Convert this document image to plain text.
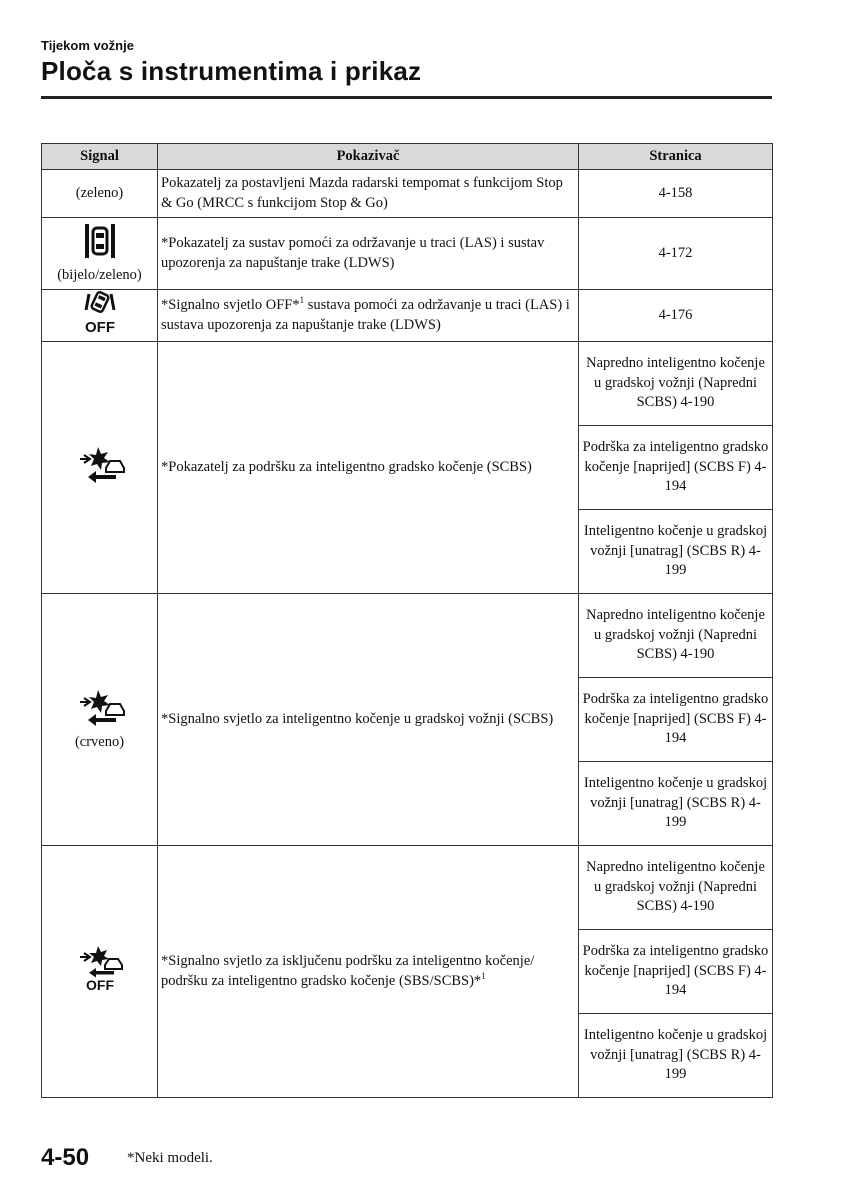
Tijekom vožnje
Ploča s instrumentima i prikaz
Signal	Pokazivač	Stranica

(zeleno)	Pokazatelj za postavljeni Mazda radarski tempomat s funkcijom Stop & Go (MRCC s funkcijom Stop & Go)	4-158

(bijelo/zeleno)	*Pokazatelj za sustav pomoći za održavanje u traci (LAS) i sustav upozorenja za napuštanje trake (LDWS)	4-172

OFF	*Signalno svjetlo OFF*$^1$ sustava pomoći za održavanje u traci (LAS) i sustava upozorenja za napuštanje trake (LDWS)	4-176
	*Pokazatelj za podršku za inteligentno gradsko kočenje (SCBS)	Napredno inteligentno kočenje u gradskoj vožnji (Napredni SCBS) 4-190
		Podrška za inteligentno gradsko kočenje [naprijed] (SCBS F) 4-194
		Inteligentno kočenje u gradskoj vožnji [unatrag] (SCBS R) 4-199

(crveno)	*Signalno svjetlo za inteligentno kočenje u gradskoj vožnji (SCBS)	Napredno inteligentno kočenje u gradskoj vožnji (Napredni SCBS) 4-190
		Podrška za inteligentno gradsko kočenje [naprijed] (SCBS F) 4-194
		Inteligentno kočenje u gradskoj vožnji [unatrag] (SCBS R) 4-199

OFF	*Signalno svjetlo za isključenu podršku za inteligentno kočenje/ podršku za inteligentno gradsko kočenje (SBS/SCBS)*$^1$	Napredno inteligentno kočenje u gradskoj vožnji (Napredni SCBS) 4-190
		Podrška za inteligentno gradsko kočenje [naprijed] (SCBS F) 4-194
		Inteligentno kočenje u gradskoj vožnji [unatrag] (SCBS R) 4-199
4-50	*Neki modeli.
